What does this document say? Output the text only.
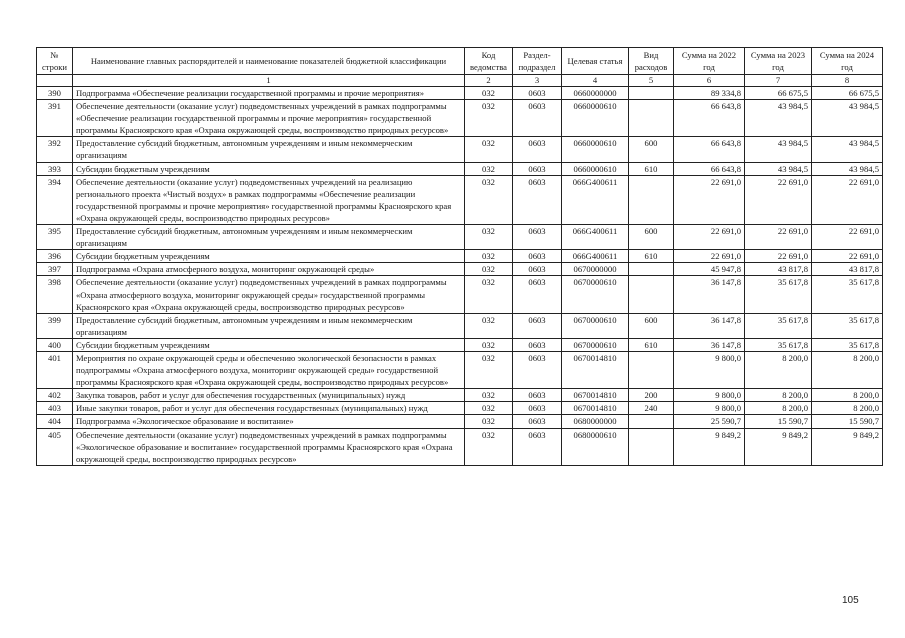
№ строки	Наименование главных распорядителей и наименование показателей бюджетной классификации	Код ведомства	Раздел-подраздел	Целевая статья	Вид расходов	Сумма на 2022 год	Сумма на 2023 год	Сумма на 2024 год
	1	2	3	4	5	6	7	8
390	Подпрограмма «Обеспечение реализации государственной программы и прочие мероприятия»	032	0603	0660000000		89 334,8	66 675,5	66 675,5
391	Обеспечение деятельности (оказание услуг) подведомственных учреждений в рамках подпрограммы «Обеспечение реализации государственной программы и прочие мероприятия» государственной программы Красноярского края «Охрана окружающей среды, воспроизводство природных ресурсов»	032	0603	0660000610		66 643,8	43 984,5	43 984,5
392	Предоставление субсидий бюджетным, автономным учреждениям и иным некоммерческим организациям	032	0603	0660000610	600	66 643,8	43 984,5	43 984,5
393	Субсидии бюджетным учреждениям	032	0603	0660000610	610	66 643,8	43 984,5	43 984,5
394	Обеспечение деятельности (оказание услуг) подведомственных учреждений на реализацию регионального проекта «Чистый воздух» в рамках подпрограммы «Обеспечение реализации государственной программы и прочие мероприятия» государственной программы Красноярского края «Охрана окружающей среды, воспроизводство природных ресурсов»	032	0603	066G400611		22 691,0	22 691,0	22 691,0
395	Предоставление субсидий бюджетным, автономным учреждениям и иным некоммерческим организациям	032	0603	066G400611	600	22 691,0	22 691,0	22 691,0
396	Субсидии бюджетным учреждениям	032	0603	066G400611	610	22 691,0	22 691,0	22 691,0
397	Подпрограмма «Охрана атмосферного воздуха, мониторинг окружающей среды»	032	0603	0670000000		45 947,8	43 817,8	43 817,8
398	Обеспечение деятельности (оказание услуг) подведомственных учреждений в рамках подпрограммы «Охрана атмосферного воздуха, мониторинг окружающей среды» государственной программы Красноярского края «Охрана окружающей среды, воспроизводство природных ресурсов»	032	0603	0670000610		36 147,8	35 617,8	35 617,8
399	Предоставление субсидий бюджетным, автономным учреждениям и иным некоммерческим организациям	032	0603	0670000610	600	36 147,8	35 617,8	35 617,8
400	Субсидии бюджетным учреждениям	032	0603	0670000610	610	36 147,8	35 617,8	35 617,8
401	Мероприятия по охране окружающей среды и обеспечению экологической безопасности в рамках подпрограммы «Охрана атмосферного воздуха, мониторинг окружающей среды» государственной программы Красноярского края «Охрана окружающей среды, воспроизводство природных ресурсов»	032	0603	0670014810		9 800,0	8 200,0	8 200,0
402	Закупка товаров, работ и услуг для обеспечения государственных (муниципальных) нужд	032	0603	0670014810	200	9 800,0	8 200,0	8 200,0
403	Иные закупки товаров, работ и услуг для обеспечения государственных (муниципальных) нужд	032	0603	0670014810	240	9 800,0	8 200,0	8 200,0
404	Подпрограмма «Экологическое образование и воспитание»	032	0603	0680000000		25 590,7	15 590,7	15 590,7
405	Обеспечение деятельности (оказание услуг) подведомственных учреждений в рамках подпрограммы «Экологическое образование и воспитание» государственной программы Красноярского края «Охрана окружающей среды, воспроизводство природных ресурсов»	032	0603	0680000610		9 849,2	9 849,2	9 849,2
105
